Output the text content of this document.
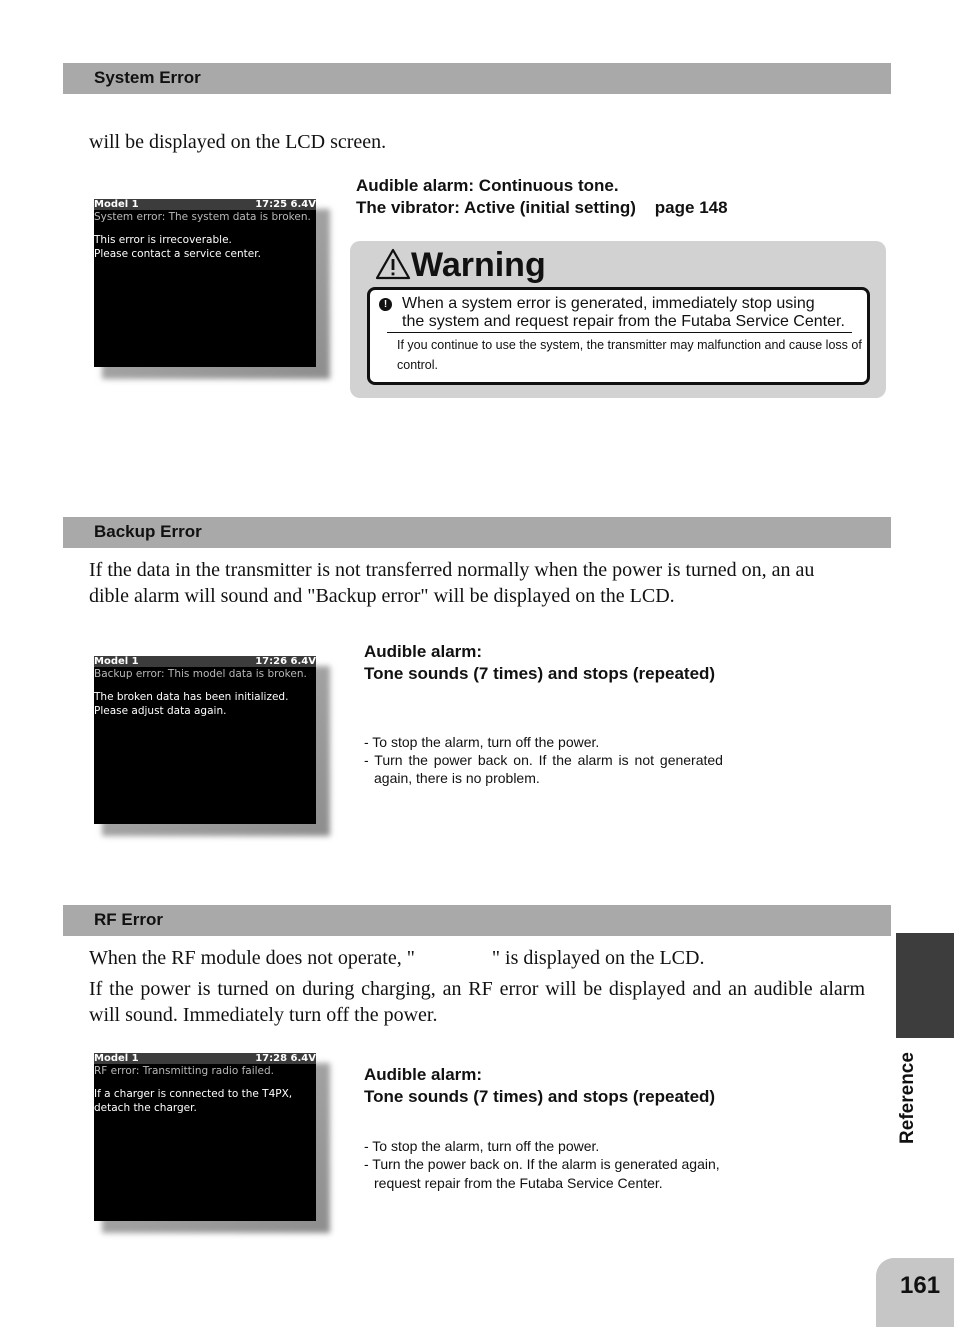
System Error
will be displayed on the LCD screen.
Model 1	17:25 6.4V
System error: The system data is broken.
This error is irrecoverable.
Please contact a service center.
Audible alarm: Continuous tone.
The vibrator: Active (initial setting)    page 148
Warning
! When a system error is generated, immediately stop using
the system and request repair from the Futaba Service Center.
If you continue to use the system, the transmitter may malfunction and cause loss of control.
Backup Error
If the data in the transmitter is not transferred normally when the power is turned on, an au
dible alarm will sound and "Backup error" will be displayed on the LCD.
Model 1	17:26 6.4V
Backup error: This model data is broken.
The broken data has been initialized.
Please adjust data again.
Audible alarm:
Tone sounds (7 times) and stops (repeated)
- To stop the alarm, turn off the power.
- Turn the power back on. If the alarm is not generated
again, there is no problem.
RF Error
When the RF module does not operate, "	" is displayed on the LCD.
If the power is turned on during charging, an RF error will be displayed and an audible alarm will sound. Immediately turn off the power.
Model 1	17:28 6.4V
RF error: Transmitting radio failed.
If a charger is connected to the T4PX,
detach the charger.
Audible alarm:
Tone sounds (7 times) and stops (repeated)
- To stop the alarm, turn off the power.
- Turn the power back on. If the alarm is generated again,
request repair from the Futaba Service Center.
Reference
161
